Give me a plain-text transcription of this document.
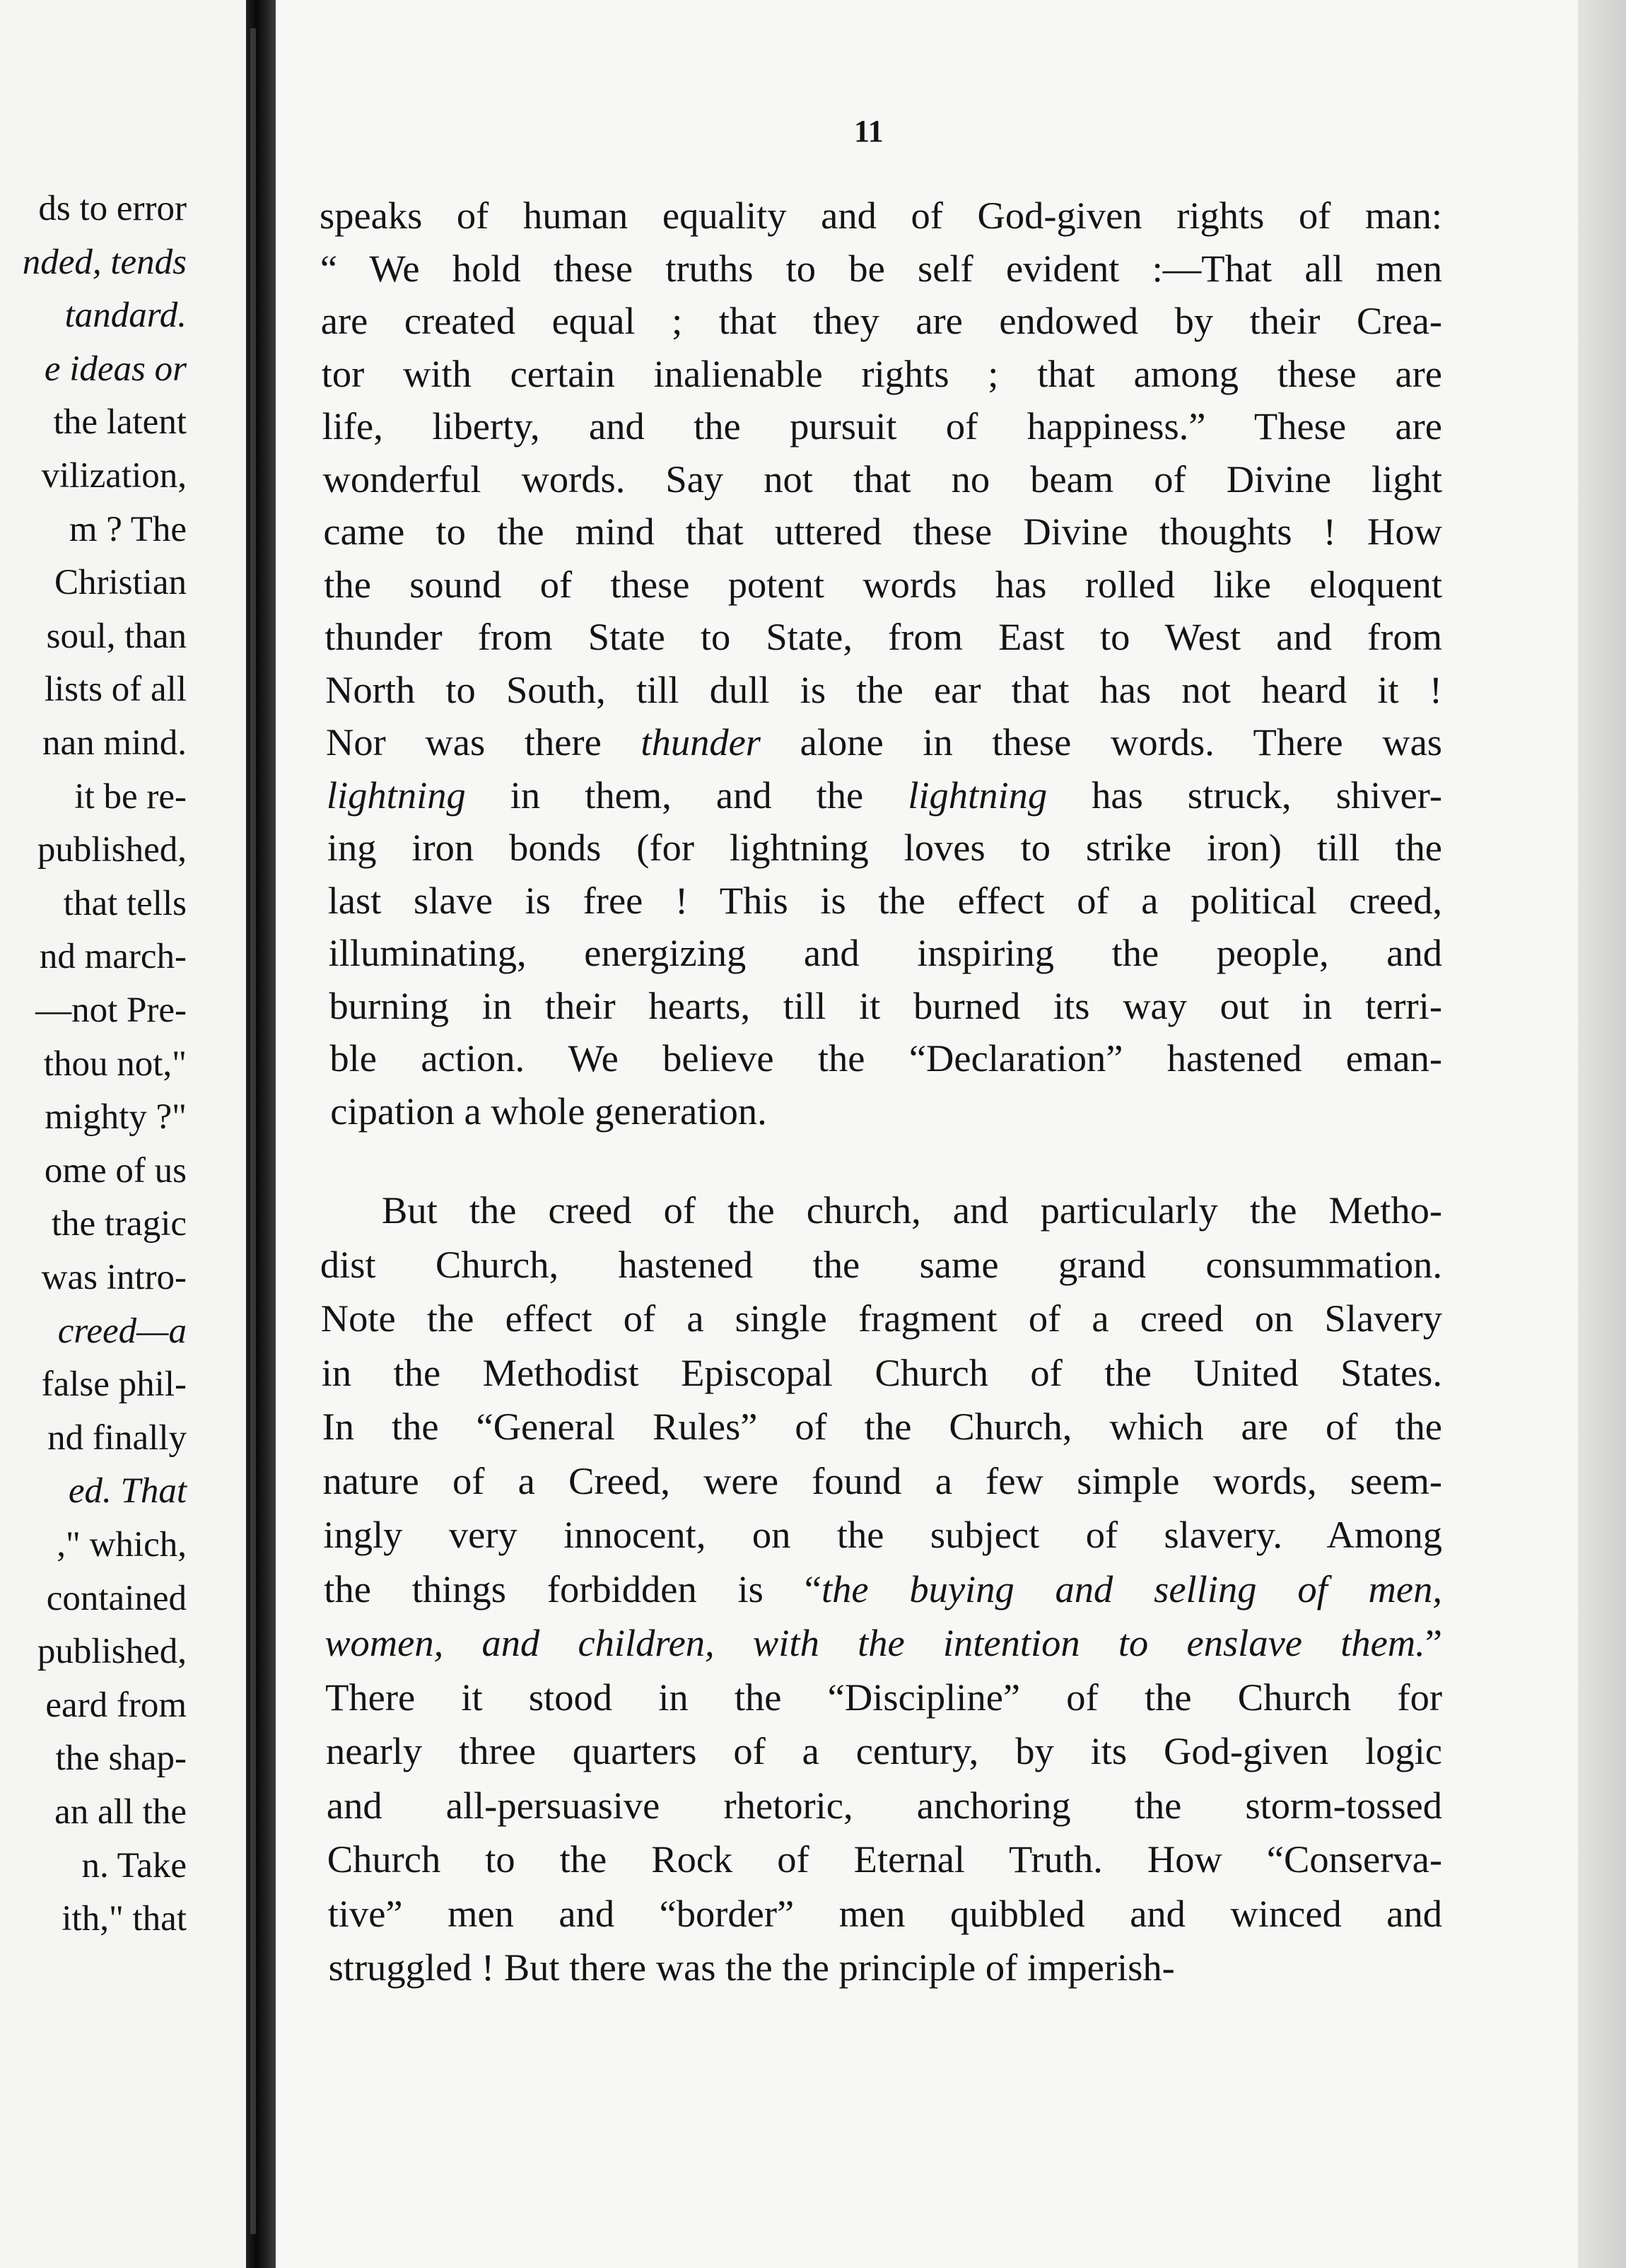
ds to error
nded, tends
tandard.
e ideas or
the latent
vilization,
m ? The
Christian
soul, than
lists of all
nan mind.
it be re-
published,
that tells
nd march-
—not Pre-
thou not,"
mighty ?"
ome of us
the tragic
was intro-
creed—a
false phil-
nd finally
ed. That
," which,
contained
published,
eard from
the shap-
an all the
n. Take
ith," that
11
speaks of human equality and of God-given rights of man:
“ We hold these truths to be self evident :—That all men
are created equal ; that they are endowed by their Crea-
tor with certain inalienable rights ; that among these are
life, liberty, and the pursuit of happiness.” These are
wonderful words. Say not that no beam of Divine light
came to the mind that uttered these Divine thoughts ! How
the sound of these potent words has rolled like eloquent
thunder from State to State, from East to West and from
North to South, till dull is the ear that has not heard it !
Nor was there thunder alone in these words. There was
lightning in them, and the lightning has struck, shiver-
ing iron bonds (for lightning loves to strike iron) till the
last slave is free ! This is the effect of a political creed,
illuminating, energizing and inspiring the people, and
burning in their hearts, till it burned its way out in terri-
ble action. We believe the “Declaration” hastened eman-
cipation a whole generation.
But the creed of the church, and particularly the Metho-
dist Church, hastened the same grand consummation.
Note the effect of a single fragment of a creed on Slavery
in the Methodist Episcopal Church of the United States.
In the “General Rules” of the Church, which are of the
nature of a Creed, were found a few simple words, seem-
ingly very innocent, on the subject of slavery. Among
the things forbidden is “the buying and selling of men,
women, and children, with the intention to enslave them.”
There it stood in the “Discipline” of the Church for
nearly three quarters of a century, by its God-given logic
and all-persuasive rhetoric, anchoring the storm-tossed
Church to the Rock of Eternal Truth. How “Conserva-
tive” men and “border” men quibbled and winced and
struggled ! But there was the the principle of imperish-
